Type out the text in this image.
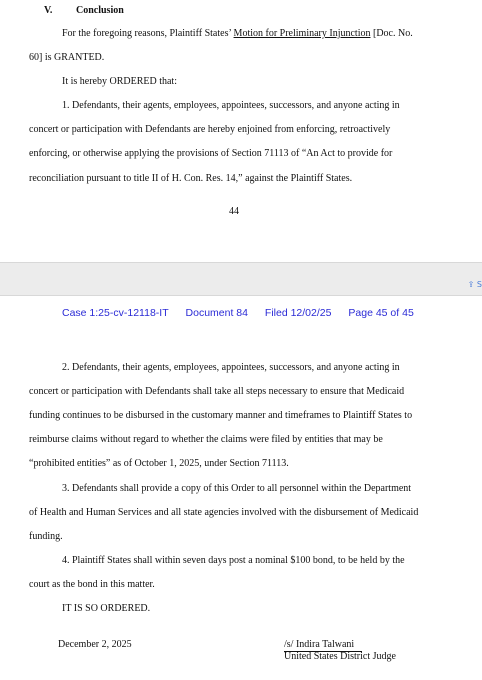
V. Conclusion
For the foregoing reasons, Plaintiff States’ Motion for Preliminary Injunction [Doc. No.
60] is GRANTED.
It is hereby ORDERED that:
1. Defendants, their agents, employees, appointees, successors, and anyone acting in
concert or participation with Defendants are hereby enjoined from enforcing, retroactively
enforcing, or otherwise applying the provisions of Section 71113 of “An Act to provide for
reconciliation pursuant to title II of H. Con. Res. 14,” against the Plaintiff States.
44
⇪ S
Case 1:25-cv-12118-IT Document 84 Filed 12/02/25 Page 45 of 45
2. Defendants, their agents, employees, appointees, successors, and anyone acting in
concert or participation with Defendants shall take all steps necessary to ensure that Medicaid
funding continues to be disbursed in the customary manner and timeframes to Plaintiff States to
reimburse claims without regard to whether the claims were filed by entities that may be
“prohibited entities” as of October 1, 2025, under Section 71113.
3. Defendants shall provide a copy of this Order to all personnel within the Department
of Health and Human Services and all state agencies involved with the disbursement of Medicaid
funding.
4. Plaintiff States shall within seven days post a nominal $100 bond, to be held by the
court as the bond in this matter.
IT IS SO ORDERED.
December 2, 2025	/s/ Indira Talwani
United States District Judge
